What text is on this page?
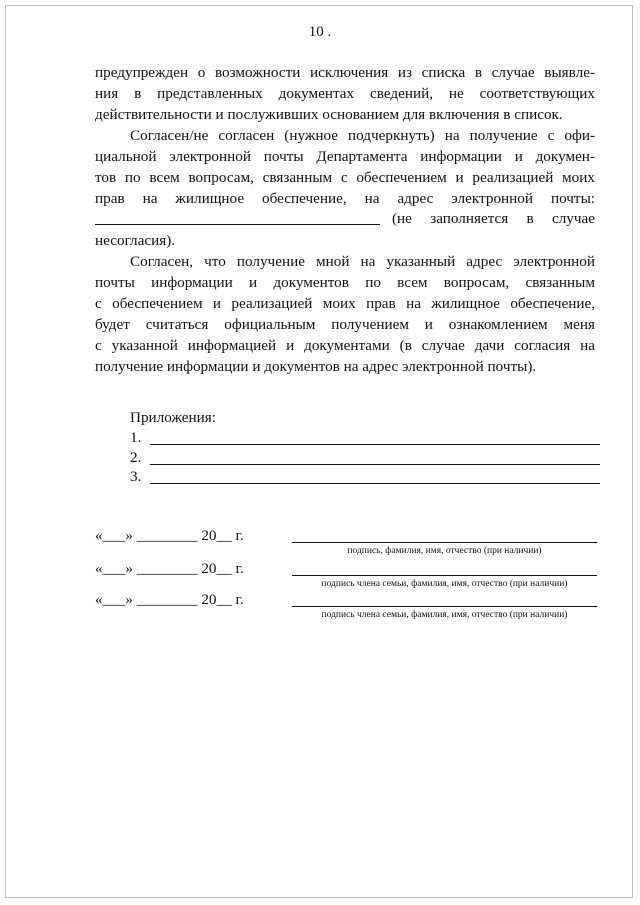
10 .
предупрежден о возможности исключения из списка в случае выявле-
ния в представленных документах сведений, не соответствующих
действительности и послуживших основанием для включения в список.
Согласен/не согласен (нужное подчеркнуть) на получение с офи-
циальной электронной почты Департамента информации и докумен-
тов по всем вопросам, связанным с обеспечением и реализацией моих
прав на жилищное обеспечение, на адрес электронной почты:
(не заполняется в случае
несогласия).
Согласен, что получение мной на указанный адрес электронной
почты информации и документов по всем вопросам, связанным
с обеспечением и реализацией моих прав на жилищное обеспечение,
будет считаться официальным получением и ознакомлением меня
с указанной информацией и документами (в случае дачи согласия на
получение информации и документов на адрес электронной почты).
Приложения:
1.
2.
3.
«___» ________ 20__ г.
подпись, фамилия, имя, отчество (при наличии)
«___» ________ 20__ г.
подпись члена семьи, фамилия, имя, отчество (при наличии)
«___» ________ 20__ г.
подпись члена семьи, фамилия, имя, отчество (при наличии)
